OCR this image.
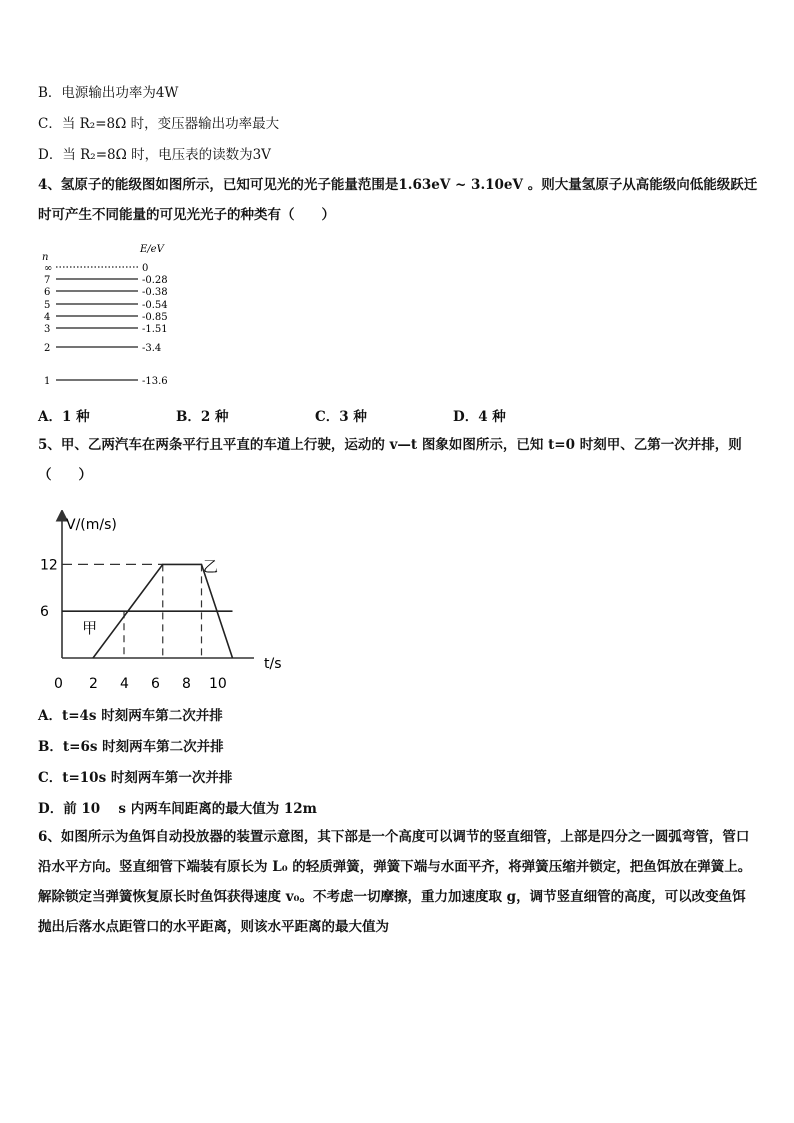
B．电源输出功率为4W
C．当 R₂=8Ω 时，变压器输出功率最大
D．当 R₂=8Ω 时，电压表的读数为3V
4、氢原子的能级图如图所示，已知可见光的光子能量范围是1.63eV ~ 3.10eV 。则大量氢原子从高能级向低能级跃迁时可产生不同能量的可见光光子的种类有（　　）
n
E/eV
∞	0
7	-0.28
6	-0.38
5	-0.54
4	-0.85
3	-1.51
2	-3.4
1	-13.6
A．1 种	B．2 种	C．3 种	D．4 种
5、甲、乙两汽车在两条平行且平直的车道上行驶，运动的 v—t 图象如图所示，已知 t=0 时刻甲、乙第一次并排，则（　　）
V/(m/s)
t/s
6
12
0 2 4 6 8 10
甲
乙
A．t=4s 时刻两车第二次并排
B．t=6s 时刻两车第二次并排
C．t=10s 时刻两车第一次并排
D．前 10　 s 内两车间距离的最大值为 12m
6、如图所示为鱼饵自动投放器的装置示意图，其下部是一个高度可以调节的竖直细管，上部是四分之一圆弧弯管，管口沿水平方向。竖直细管下端装有原长为 L₀ 的轻质弹簧，弹簧下端与水面平齐，将弹簧压缩并锁定，把鱼饵放在弹簧上。解除锁定当弹簧恢复原长时鱼饵获得速度 v₀。不考虑一切摩擦，重力加速度取 g，调节竖直细管的高度，可以改变鱼饵抛出后落水点距管口的水平距离，则该水平距离的最大值为
